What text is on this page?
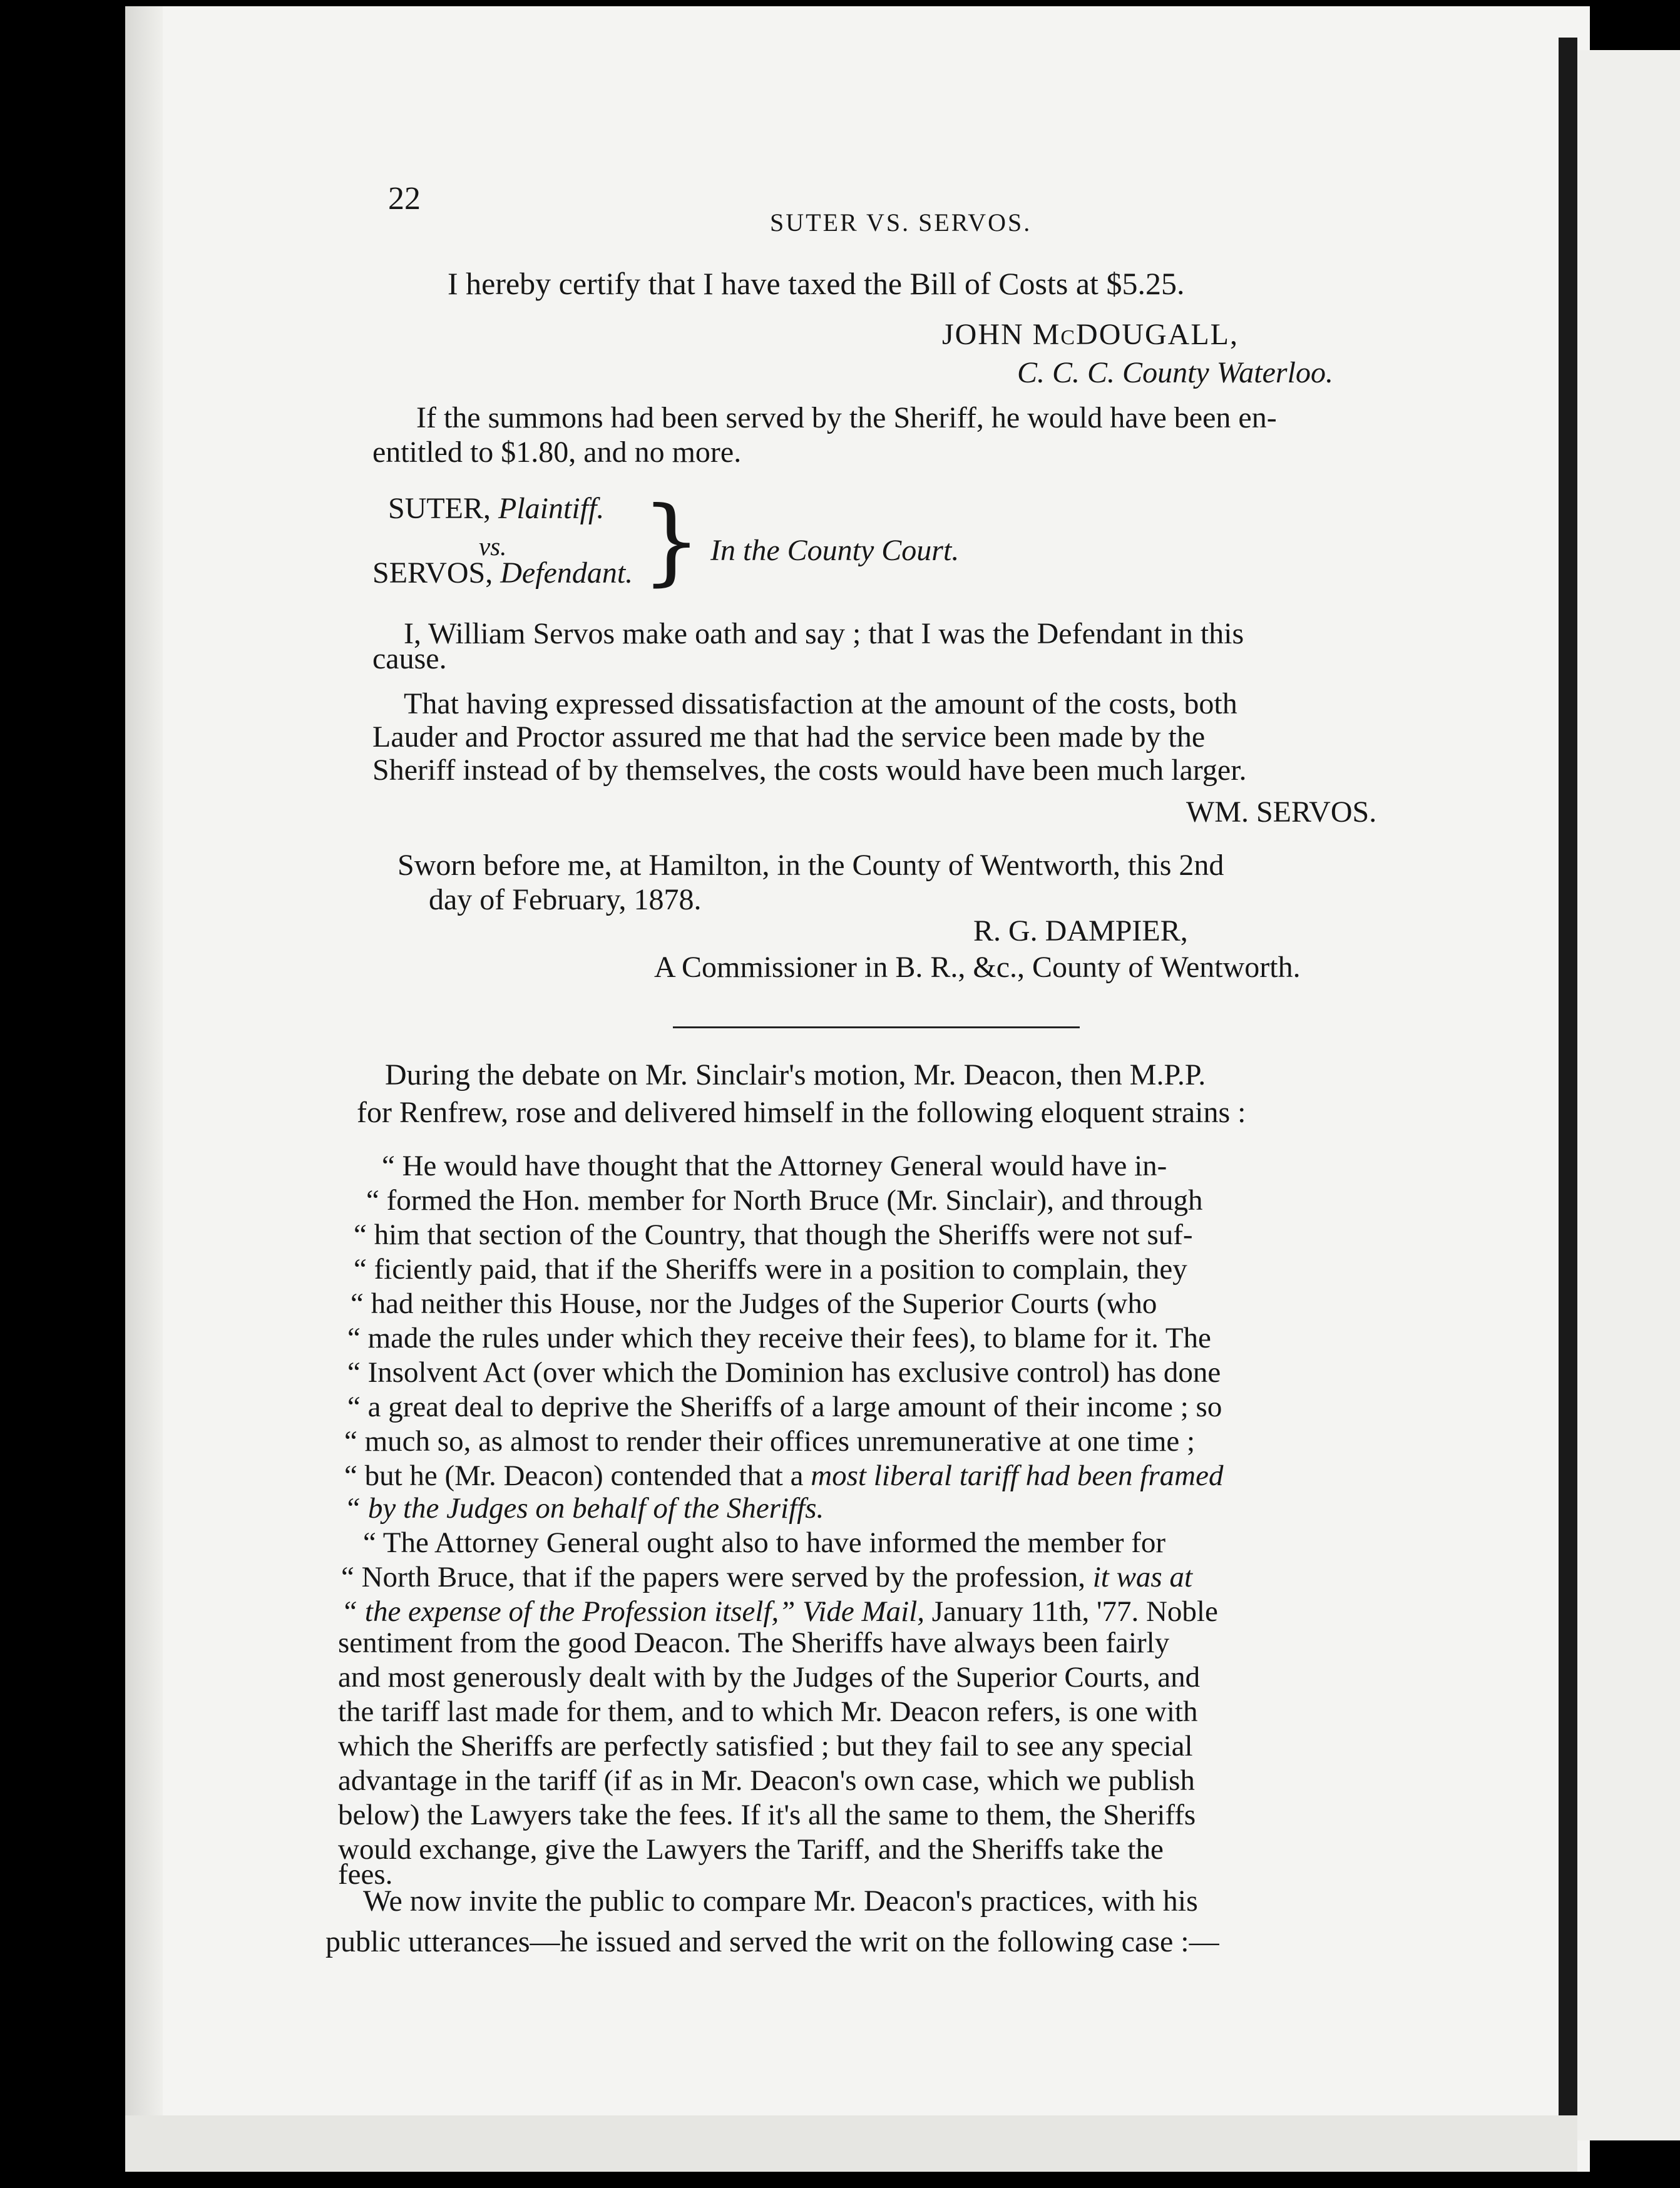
22
SUTER VS. SERVOS.
I hereby certify that I have taxed the Bill of Costs at $5.25.
JOHN McDOUGALL,
C. C. C. County Waterloo.
If the summons had been served by the Sheriff, he would have been en-
entitled to $1.80, and no more.
SUTER, Plaintiff.
vs.
SERVOS, Defendant. } In the County Court.
I, William Servos make oath and say ; that I was the Defendant in this
cause.
That having expressed dissatisfaction at the amount of the costs, both
Lauder and Proctor assured me that had the service been made by the
Sheriff instead of by themselves, the costs would have been much larger.
WM. SERVOS.
Sworn before me, at Hamilton, in the County of Wentworth, this 2nd
day of February, 1878.
R. G. DAMPIER,
A Commissioner in B. R., &c., County of Wentworth.
During the debate on Mr. Sinclair's motion, Mr. Deacon, then M.P.P.
for Renfrew, rose and delivered himself in the following eloquent strains :
“ He would have thought that the Attorney General would have in-
“ formed the Hon. member for North Bruce (Mr. Sinclair), and through
“ him that section of the Country, that though the Sheriffs were not suf-
“ ficiently paid, that if the Sheriffs were in a position to complain, they
“ had neither this House, nor the Judges of the Superior Courts (who
“ made the rules under which they receive their fees), to blame for it. The
“ Insolvent Act (over which the Dominion has exclusive control) has done
“ a great deal to deprive the Sheriffs of a large amount of their income ; so
“ much so, as almost to render their offices unremunerative at one time ;
“ but he (Mr. Deacon) contended that a most liberal tariff had been framed
“ by the Judges on behalf of the Sheriffs.
“ The Attorney General ought also to have informed the member for
“ North Bruce, that if the papers were served by the profession, it was at
“ the expense of the Profession itself,” Vide Mail, January 11th, '77. Noble
sentiment from the good Deacon. The Sheriffs have always been fairly
and most generously dealt with by the Judges of the Superior Courts, and
the tariff last made for them, and to which Mr. Deacon refers, is one with
which the Sheriffs are perfectly satisfied ; but they fail to see any special
advantage in the tariff (if as in Mr. Deacon's own case, which we publish
below) the Lawyers take the fees. If it's all the same to them, the Sheriffs
would exchange, give the Lawyers the Tariff, and the Sheriffs take the
fees.
We now invite the public to compare Mr. Deacon's practices, with his
public utterances—he issued and served the writ on the following case :—
